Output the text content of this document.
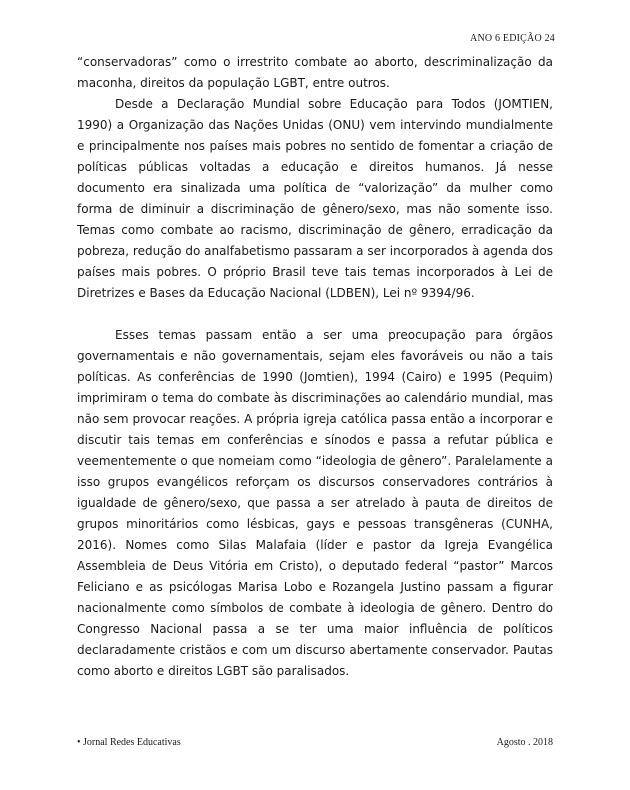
ANO 6 EDIÇÃO 24

“conservadoras” como o irrestrito combate ao aborto, descriminalização da maconha, direitos da população LGBT, entre outros.

Desde a Declaração Mundial sobre Educação para Todos (JOMTIEN, 1990) a Organização das Nações Unidas (ONU) vem intervindo mundialmente e principalmente nos países mais pobres no sentido de fomentar a criação de políticas públicas voltadas a educação e direitos humanos. Já nesse documento era sinalizada uma política de “valorização” da mulher como forma de diminuir a discriminação de gênero/sexo, mas não somente isso. Temas como combate ao racismo, discriminação de gênero, erradicação da pobreza, redução do analfabetismo passaram a ser incorporados à agenda dos países mais pobres. O próprio Brasil teve tais temas incorporados à Lei de Diretrizes e Bases da Educação Nacional (LDBEN), Lei nº 9394/96.

Esses temas passam então a ser uma preocupação para órgãos governamentais e não governamentais, sejam eles favoráveis ou não a tais políticas. As conferências de 1990 (Jomtien), 1994 (Cairo) e 1995 (Pequim) imprimiram o tema do combate às discriminações ao calendário mundial, mas não sem provocar reações. A própria igreja católica passa então a incorporar e discutir tais temas em conferências e sínodos e passa a refutar pública e veementemente o que nomeiam como “ideologia de gênero”. Paralelamente a isso grupos evangélicos reforçam os discursos conservadores contrários à igualdade de gênero/sexo, que passa a ser atrelado à pauta de direitos de grupos minoritários como lésbicas, gays e pessoas transgêneras (CUNHA, 2016). Nomes como Silas Malafaia (líder e pastor da Igreja Evangélica Assembleia de Deus Vitória em Cristo), o deputado federal “pastor” Marcos Feliciano e as psicólogas Marisa Lobo e Rozangela Justino passam a figurar nacionalmente como símbolos de combate à ideologia de gênero. Dentro do Congresso Nacional passa a se ter uma maior influência de políticos declaradamente cristãos e com um discurso abertamente conservador. Pautas como aborto e direitos LGBT são paralisados.

• Jornal Redes Educativas	Agosto . 2018
